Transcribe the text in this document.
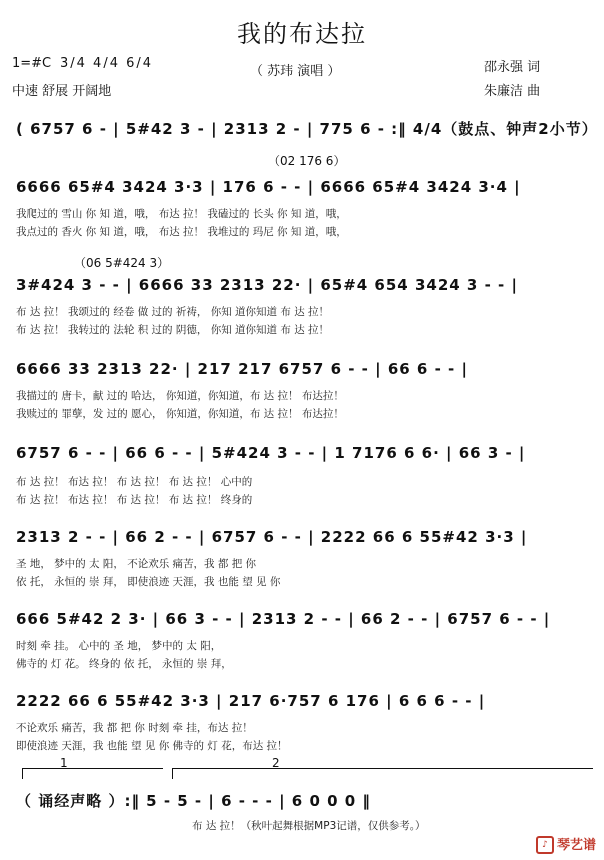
我的布达拉
1=#C 3/4 4/4 6/4
中速 舒展 开阔地
（ 苏玮 演唱 ）	邵永强 词
朱廉洁 曲
( 6757 6 - | 5#42 3 - | 2313 2 - | 775 6 - :‖ 4/4（鼓点、钟声2小节）
（02 176 6）
6666 65#4 3424 3·3 | 176 6 - - | 6666 65#4 3424 3·4 |
我爬过的 雪山 你 知 道，哦， 布达 拉！ 我磕过的 长头 你 知 道，哦，
我点过的 香火 你 知 道，哦， 布达 拉！ 我堆过的 玛尼 你 知 道，哦，
（06 5#424 3）
3#424 3 - - | 6666 33 2313 22· | 65#4 654 3424 3 - - |
布 达 拉！ 我颂过的 经卷 做 过的 祈祷， 你知 道你知道 布 达 拉！
布 达 拉！ 我转过的 法轮 积 过的 阴德， 你知 道你知道 布 达 拉！
6666 33 2313 22· | 217 217 6757 6 - - | 66 6 - - |
我描过的 唐卡，献 过的 哈达， 你知道，你知道，布 达 拉！ 布达拉！
我赎过的 罪孽，发 过的 愿心， 你知道，你知道，布 达 拉！ 布达拉！
6757 6 - - | 66 6 - - | 5#424 3 - - | 1 7176 6 6· | 66 3 - |
布 达 拉！ 布达 拉！ 布 达 拉！ 布 达 拉！ 心中的
布 达 拉！ 布达 拉！ 布 达 拉！ 布 达 拉！ 终身的
2313 2 - - | 66 2 - - | 6757 6 - - | 2222 66 6 55#42 3·3 |
圣 地， 梦中的 太 阳， 不论欢乐 痛苦，我 都 把 你
依 托， 永恒的 崇 拜， 即使浪迹 天涯，我 也能 望 见 你
666 5#42 2 3· | 66 3 - - | 2313 2 - - | 66 2 - - | 6757 6 - - |
时刻 牵 挂。 心中的 圣 地， 梦中的 太 阳，
佛寺的 灯 花。 终身的 依 托， 永恒的 崇 拜，
2222 66 6 55#42 3·3 | 217 6·757 6 176 | 6 6 6 - - |
不论欢乐 痛苦，我 都 把 你 时刻 牵 挂，布达 拉！
即使浪迹 天涯，我 也能 望 见 你 佛寺的 灯 花，布达 拉！
1	2
（ 诵经声略 ）:‖ 5 - 5 - | 6 - - - | 6 0 0 0 ‖
布 达 拉！（秋叶起舞根据MP3记谱，仅供参考。）
♪ 琴艺谱
